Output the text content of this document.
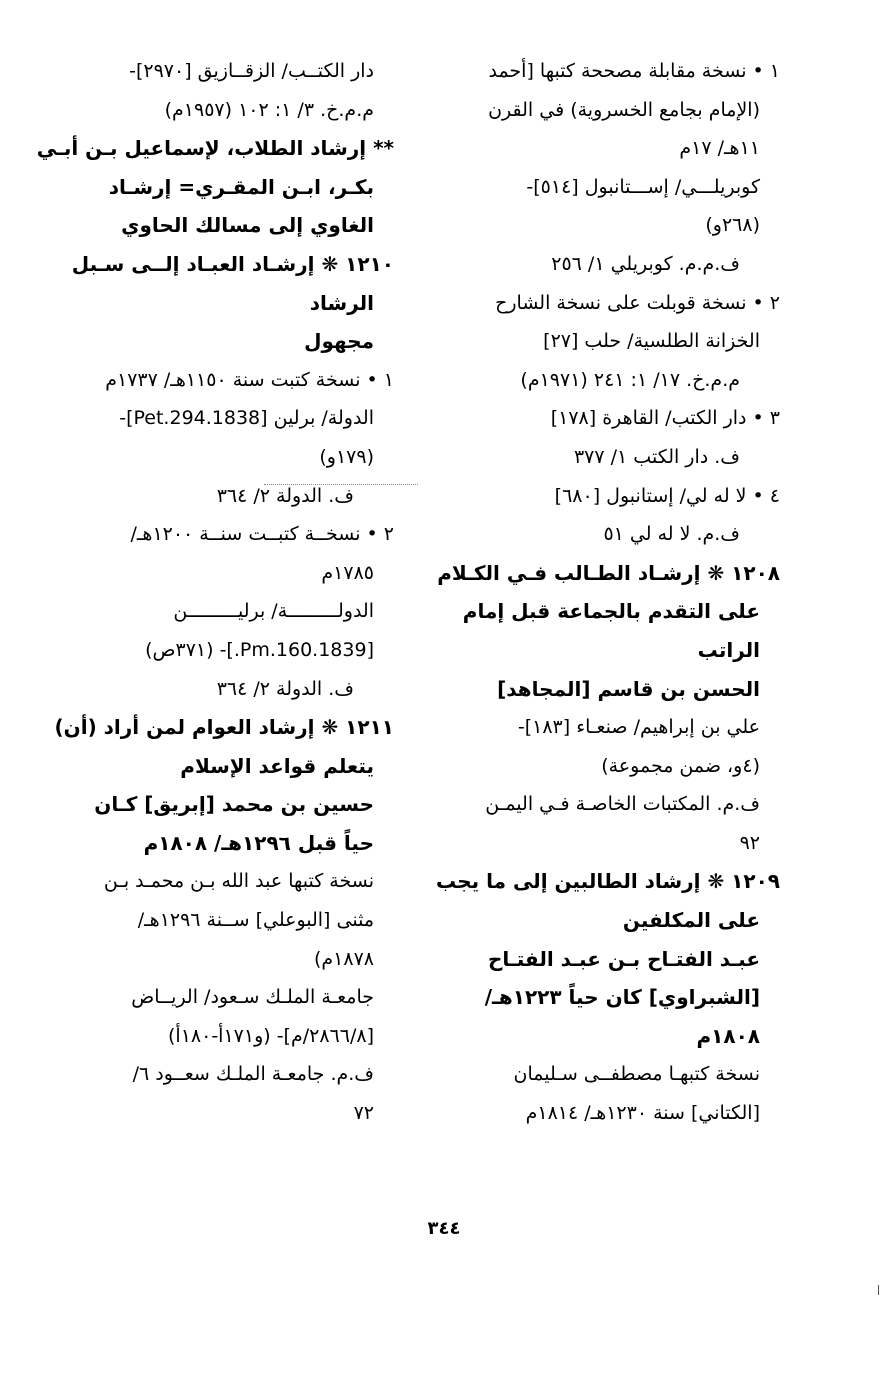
١ • نسخة مقابلة مصححة كتبها [أحمد
(الإمام بجامع الخسروية) في القرن
١١هـ/ ١٧م
كوبريلـــي/ إســـتانبول [٥١٤]-
(٢٦٨و)
ف.م.م. كوبريلي ١/ ٢٥٦
٢ • نسخة قوبلت على نسخة الشارح
الخزانة الطلسية/ حلب [٢٧]
م.م.خ. ١٧/ ١: ٢٤١ (١٩٧١م)
٣ • دار الكتب/ القاهرة [١٧٨]
ف. دار الكتب ١/ ٣٧٧
٤ • لا له لي/ إستانبول [٦٨٠]
ف.م. لا له لي ٥١
١٢٠٨ ❋ إرشـاد الطـالب فـي الكـلام
على التقدم بالجماعة قبل إمام
الراتب
الحسن بن قاسم [المجاهد]
علي بن إبراهيم/ صنعـاء [١٨٣]-
(٤و، ضمن مجموعة)
ف.م. المكتبات الخاصـة فـي اليمـن
٩٢
١٢٠٩ ❋ إرشاد الطالبين إلى ما يجب
على المكلفين
عبـد الفتـاح بـن عبـد الفتـاح
[الشبراوي] كان حياً ١٢٢٣هـ/
١٨٠٨م
نسخة كتبهـا مصطفــى سـليمان
[الكتاني] سنة ١٢٣٠هـ/ ١٨١٤م
دار الكتــب/ الزقــازيق [٢٩٧٠]-
م.م.خ. ٣/ ١: ١٠٢ (١٩٥٧م)
** إرشاد الطلاب، لإسماعيل بـن أبـي
بكـر، ابـن المقـري= إرشـاد
الغاوي إلى مسالك الحاوي
١٢١٠ ❋ إرشـاد العبـاد إلــى سـبل
الرشاد
مجهول
١ • نسخة كتبت سنة ١١٥٠هـ/ ١٧٣٧م
الدولة/ برلين [1838.Pet.294]-
(١٧٩و)
ف. الدولة ٢/ ٣٦٤
٢ • نسخــة كتبــت سنــة ١٢٠٠هـ/
١٧٨٥م
الدولـــــــــة/ برليـــــــــن
[1839.Pm.160.]- (٣٧١ص)
ف. الدولة ٢/ ٣٦٤
١٢١١ ❋ إرشاد العوام لمن أراد (أن)
يتعلم قواعد الإسلام
حسين بن محمد [إبريق] كـان
حياً قبل ١٢٩٦هـ/ ١٨٠٨م
نسخة كتبها عبد الله بـن محمـد بـن
مثنى [البوعلي] ســنة ١٢٩٦هـ/
١٨٧٨م)
جامعـة الملـك سـعود/ الريــاض
[٢٨٦٦/٨/م]- (و١٧١أ-١٨٠أ)
ف.م. جامعـة الملـك سعــود ٦/
٧٢
٣٤٤
